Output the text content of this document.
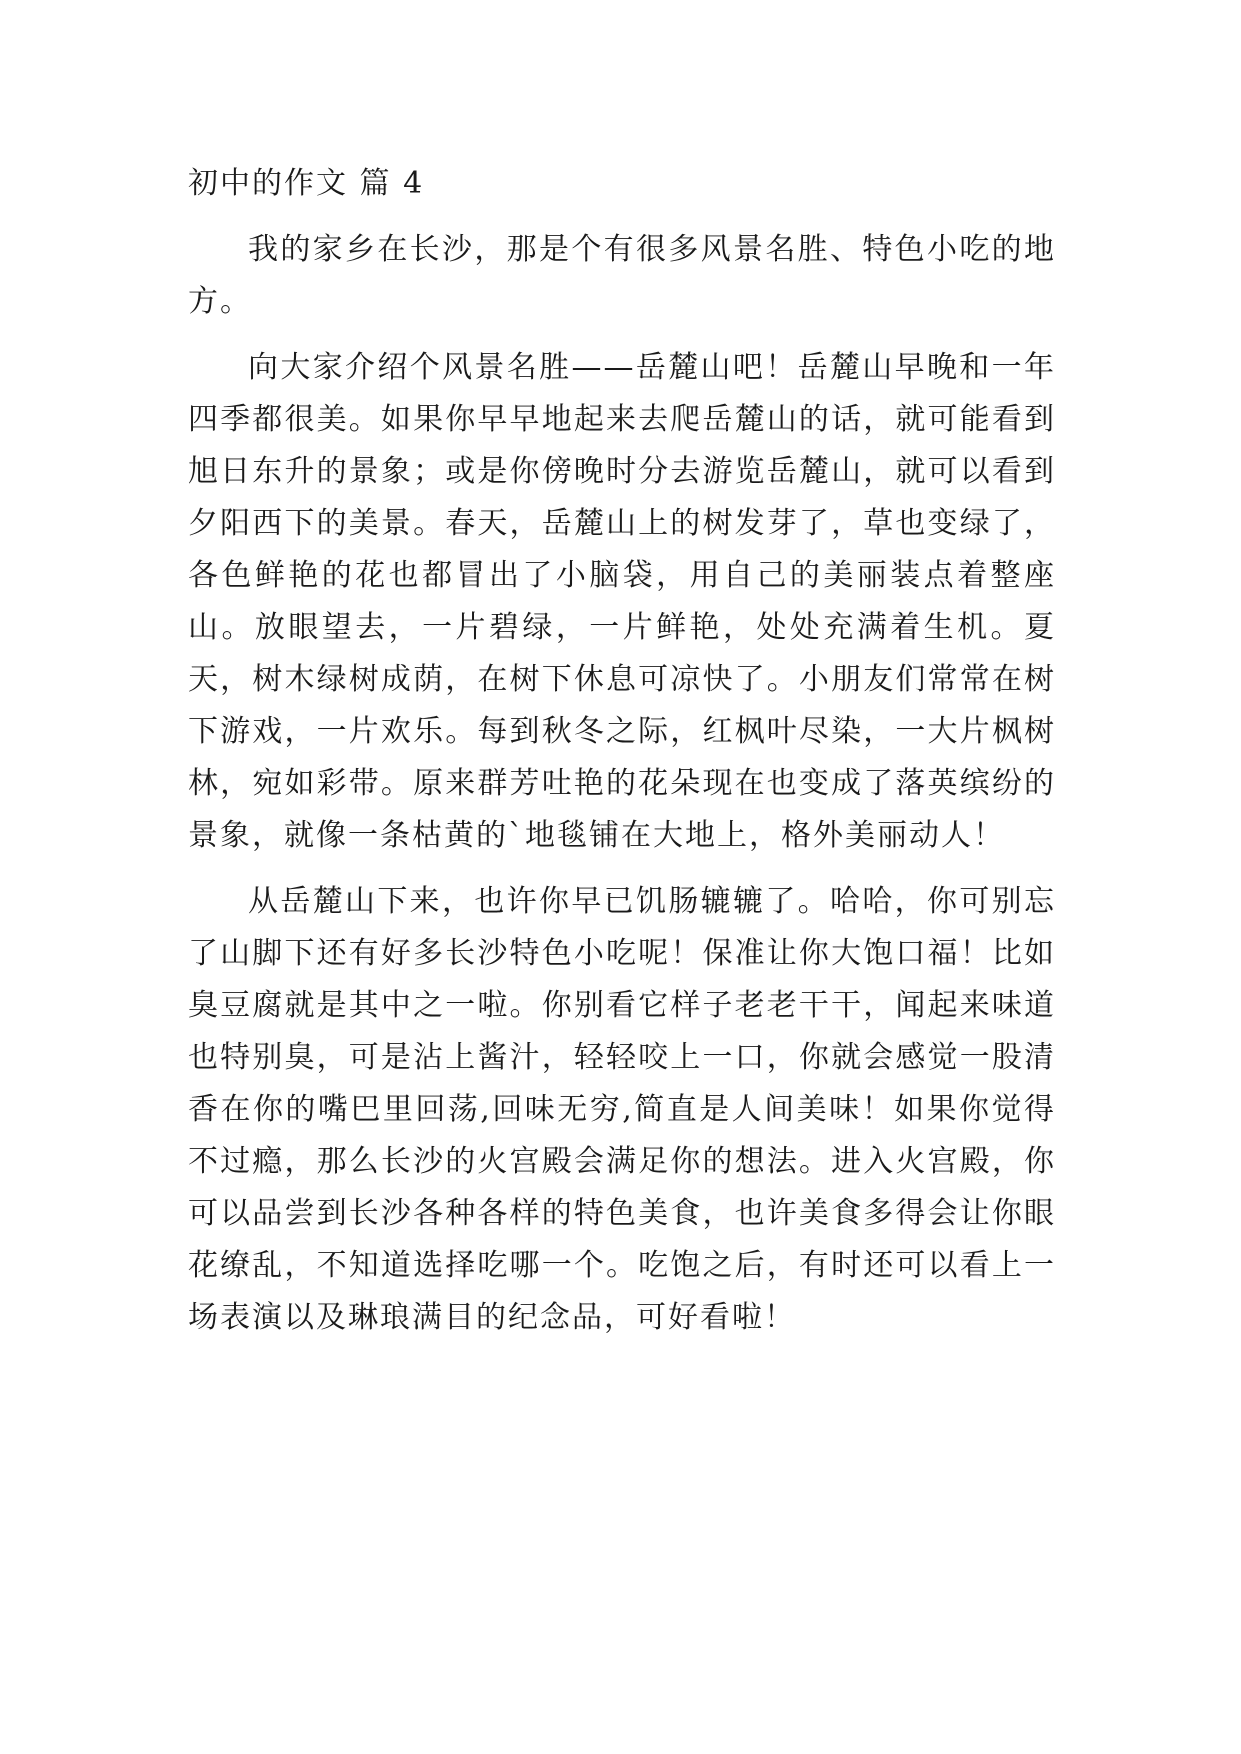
初中的作文 篇 4

我的家乡在长沙，那是个有很多风景名胜、特色小吃的地方。

向大家介绍个风景名胜——岳麓山吧！岳麓山早晚和一年四季都很美。如果你早早地起来去爬岳麓山的话，就可能看到旭日东升的景象；或是你傍晚时分去游览岳麓山，就可以看到夕阳西下的美景。春天，岳麓山上的树发芽了，草也变绿了，各色鲜艳的花也都冒出了小脑袋，用自己的美丽装点着整座山。放眼望去，一片碧绿，一片鲜艳，处处充满着生机。夏天，树木绿树成荫，在树下休息可凉快了。小朋友们常常在树下游戏，一片欢乐。每到秋冬之际，红枫叶尽染，一大片枫树林，宛如彩带。原来群芳吐艳的花朵现在也变成了落英缤纷的景象，就像一条枯黄的`地毯铺在大地上，格外美丽动人！

从岳麓山下来，也许你早已饥肠辘辘了。哈哈，你可别忘了山脚下还有好多长沙特色小吃呢！保准让你大饱口福！比如臭豆腐就是其中之一啦。你别看它样子老老干干，闻起来味道也特别臭，可是沾上酱汁，轻轻咬上一口，你就会感觉一股清香在你的嘴巴里回荡,回味无穷,简直是人间美味！如果你觉得不过瘾，那么长沙的火宫殿会满足你的想法。进入火宫殿，你可以品尝到长沙各种各样的特色美食，也许美食多得会让你眼花缭乱，不知道选择吃哪一个。吃饱之后，有时还可以看上一场表演以及琳琅满目的纪念品，可好看啦！
